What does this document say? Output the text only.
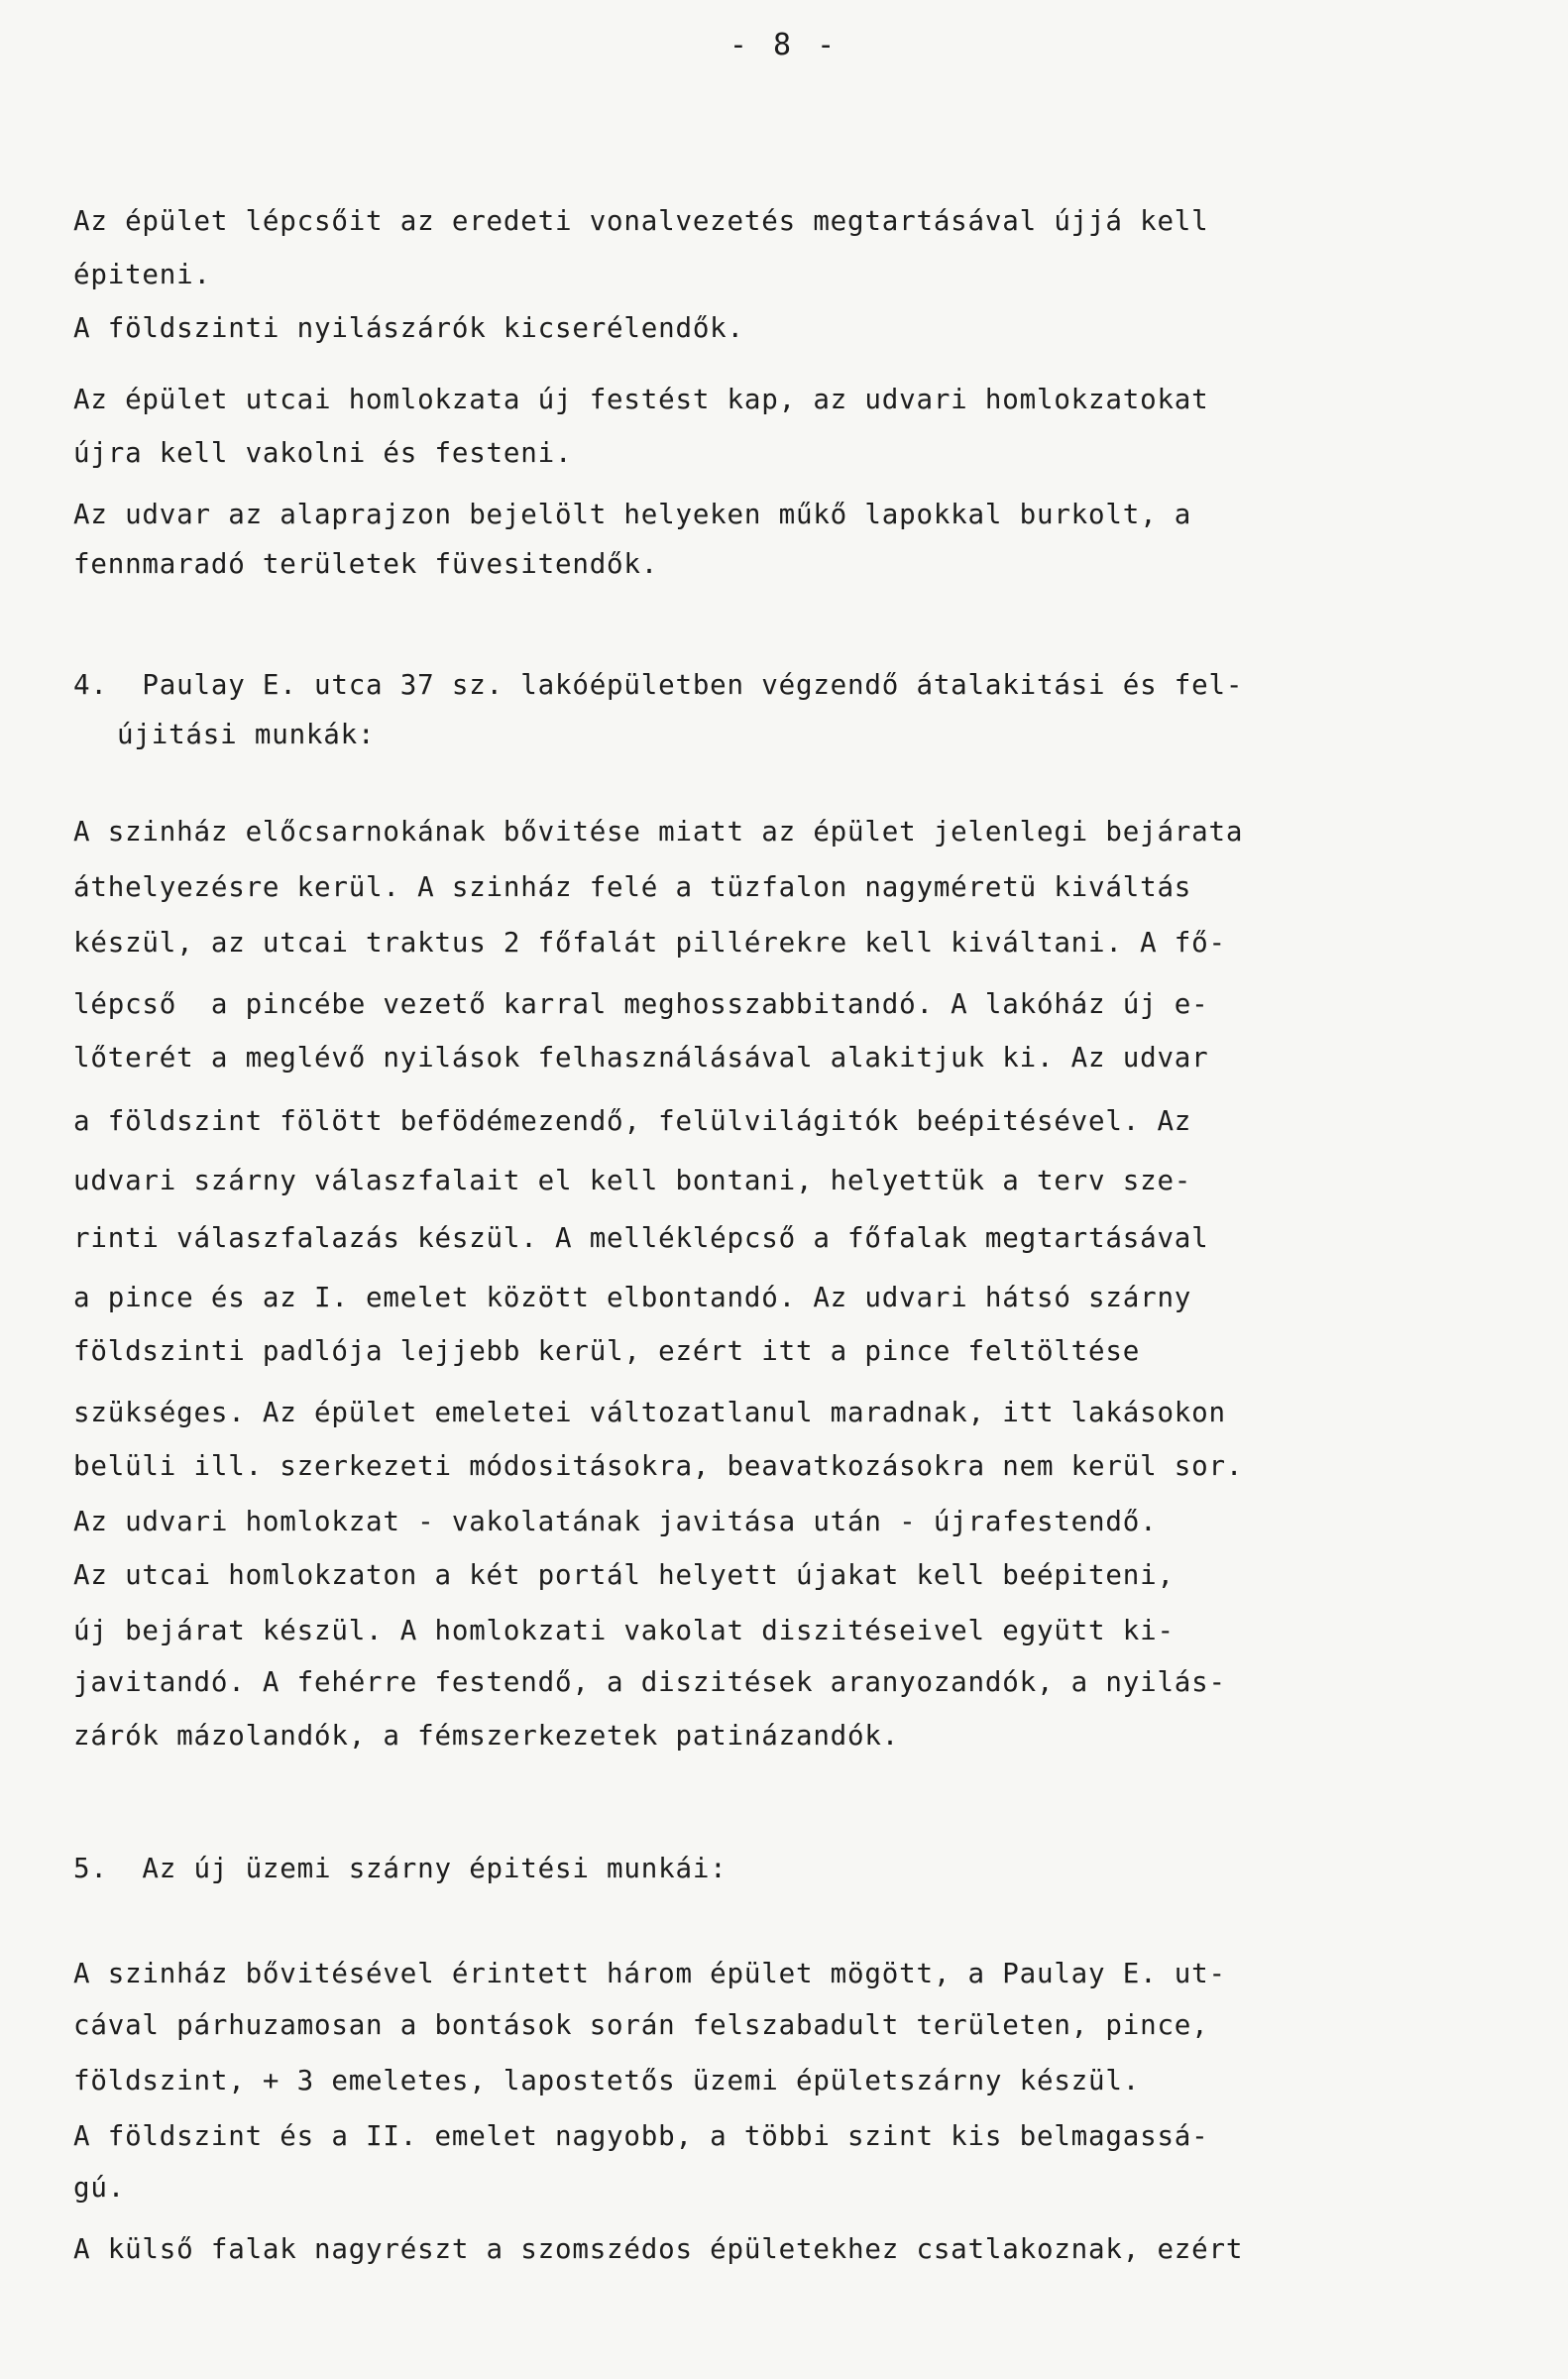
- 8 -
Az épület lépcsőit az eredeti vonalvezetés megtartásával újjá kell
épiteni.
A földszinti nyilászárók kicserélendők.
Az épület utcai homlokzata új festést kap, az udvari homlokzatokat
újra kell vakolni és festeni.
Az udvar az alaprajzon bejelölt helyeken műkő lapokkal burkolt, a
fennmaradó területek füvesitendők.
4.  Paulay E. utca 37 sz. lakóépületben végzendő átalakitási és fel-
újitási munkák:
A szinház előcsarnokának bővitése miatt az épület jelenlegi bejárata
áthelyezésre kerül. A szinház felé a tüzfalon nagyméretü kiváltás
készül, az utcai traktus 2 főfalát pillérekre kell kiváltani. A fő-
lépcső  a pincébe vezető karral meghosszabbitandó. A lakóház új e-
lőterét a meglévő nyilások felhasználásával alakitjuk ki. Az udvar
a földszint fölött befödémezendő, felülvilágitók beépitésével. Az
udvari szárny válaszfalait el kell bontani, helyettük a terv sze-
rinti válaszfalazás készül. A melléklépcső a főfalak megtartásával
a pince és az I. emelet között elbontandó. Az udvari hátsó szárny
földszinti padlója lejjebb kerül, ezért itt a pince feltöltése
szükséges. Az épület emeletei változatlanul maradnak, itt lakásokon
belüli ill. szerkezeti módositásokra, beavatkozásokra nem kerül sor.
Az udvari homlokzat - vakolatának javitása után - újrafestendő.
Az utcai homlokzaton a két portál helyett újakat kell beépiteni,
új bejárat készül. A homlokzati vakolat diszitéseivel együtt ki-
javitandó. A fehérre festendő, a diszitések aranyozandók, a nyilás-
zárók mázolandók, a fémszerkezetek patinázandók.
5.  Az új üzemi szárny épitési munkái:
A szinház bővitésével érintett három épület mögött, a Paulay E. ut-
cával párhuzamosan a bontások során felszabadult területen, pince,
földszint, + 3 emeletes, lapostetős üzemi épületszárny készül.
A földszint és a II. emelet nagyobb, a többi szint kis belmagassá-
gú.
A külső falak nagyrészt a szomszédos épületekhez csatlakoznak, ezért
